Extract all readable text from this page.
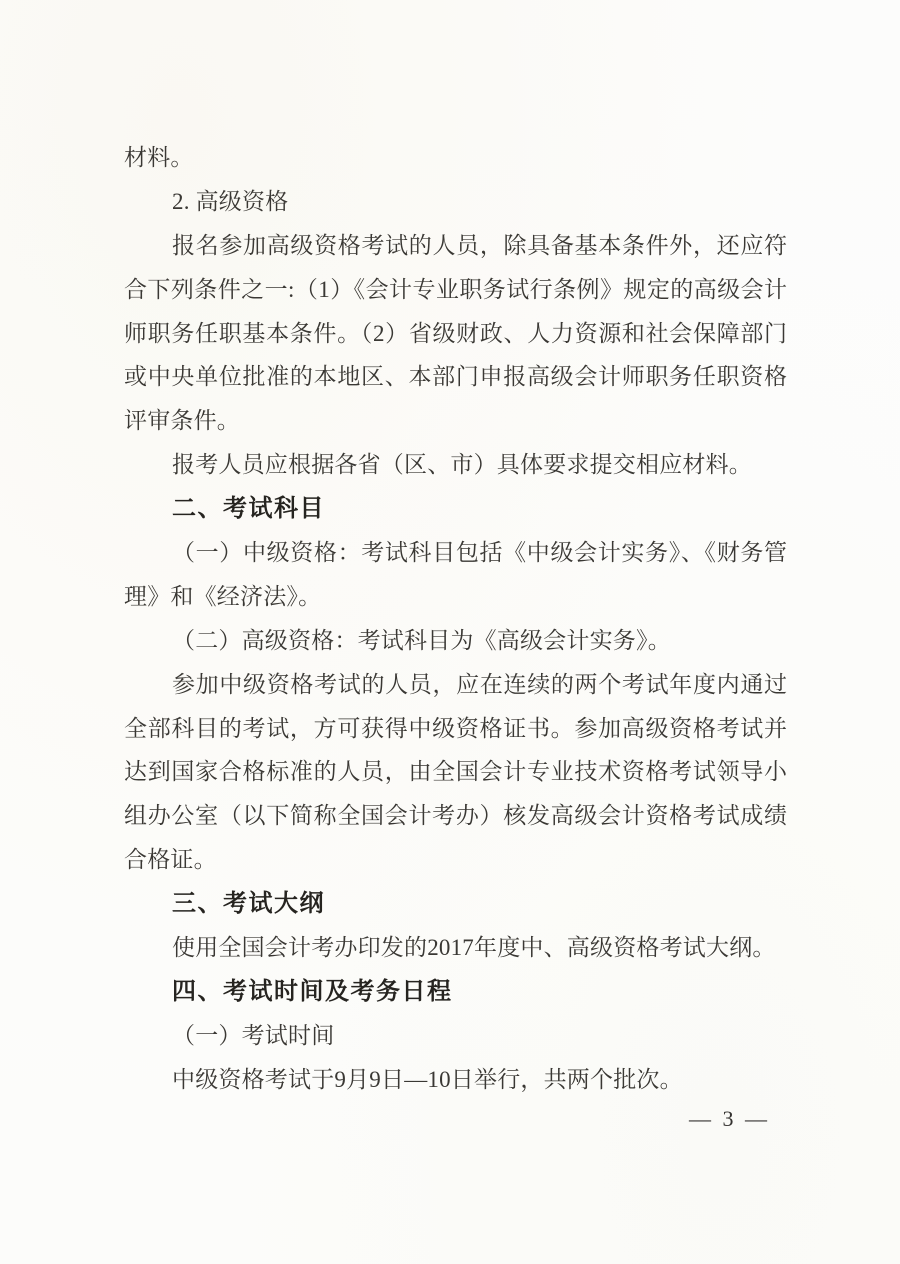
材料。
2. 高级资格
报名参加高级资格考试的人员，除具备基本条件外，还应符
合下列条件之一:（1）《会计专业职务试行条例》规定的高级会计
师职务任职基本条件。（2）省级财政、人力资源和社会保障部门
或中央单位批准的本地区、本部门申报高级会计师职务任职资格
评审条件。
报考人员应根据各省（区、市）具体要求提交相应材料。
二、考试科目
（一）中级资格：考试科目包括《中级会计实务》、《财务管
理》和《经济法》。
（二）高级资格：考试科目为《高级会计实务》。
参加中级资格考试的人员，应在连续的两个考试年度内通过
全部科目的考试，方可获得中级资格证书。参加高级资格考试并
达到国家合格标准的人员，由全国会计专业技术资格考试领导小
组办公室（以下简称全国会计考办）核发高级会计资格考试成绩
合格证。
三、考试大纲
使用全国会计考办印发的2017年度中、高级资格考试大纲。
四、考试时间及考务日程
（一）考试时间
中级资格考试于9月9日—10日举行，共两个批次。
— 3 —
